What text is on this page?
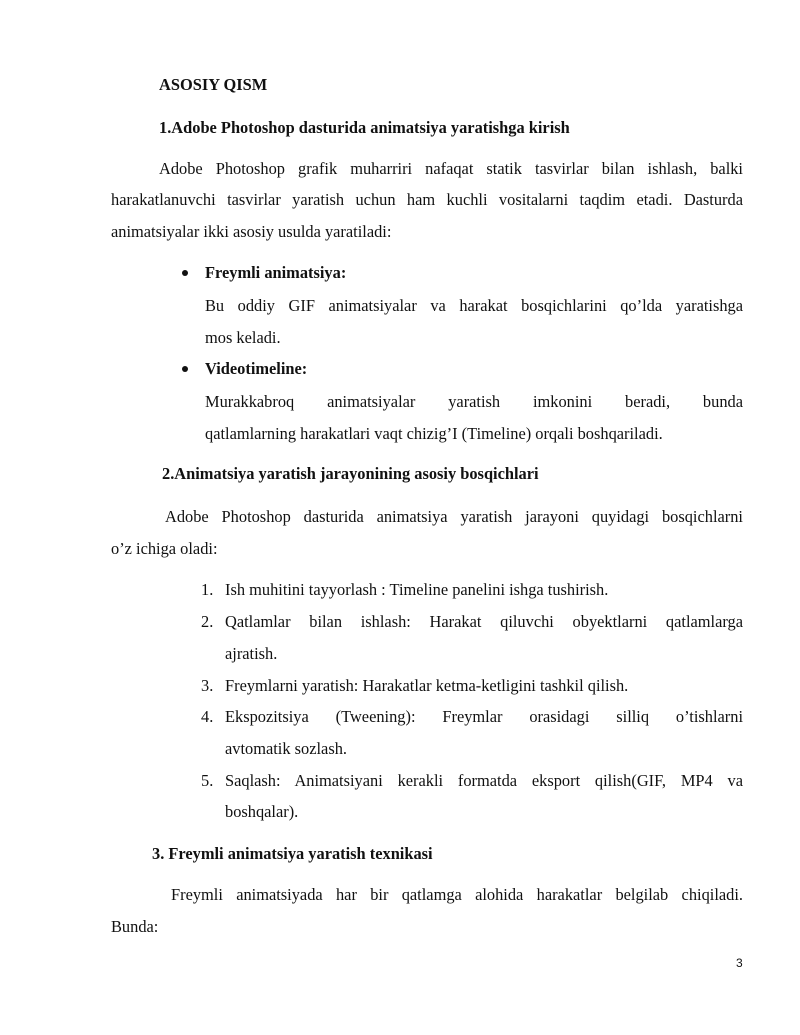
ASOSIY QISM
1.Adobe Photoshop dasturida animatsiya yaratishga kirish
Adobe Photoshop grafik muharriri nafaqat statik tasvirlar bilan ishlash, balki
harakatlanuvchi tasvirlar yaratish uchun ham kuchli vositalarni taqdim etadi. Dasturda
animatsiyalar ikki asosiy usulda yaratiladi:
Freymli animatsiya:
Bu oddiy GIF animatsiyalar va harakat bosqichlarini qo’lda yaratishga
mos keladi.
Videotimeline:
Murakkabroq animatsiyalar yaratish imkonini beradi, bunda
qatlamlarning harakatlari vaqt chizig’I (Timeline) orqali boshqariladi.
2.Animatsiya yaratish jarayonining asosiy bosqichlari
Adobe Photoshop dasturida animatsiya yaratish jarayoni quyidagi bosqichlarni
o’z ichiga oladi:
1. Ish muhitini tayyorlash : Timeline panelini ishga tushirish.
2. Qatlamlar bilan ishlash: Harakat qiluvchi obyektlarni qatlamlarga
ajratish.
3. Freymlarni yaratish: Harakatlar ketma-ketligini tashkil qilish.
4. Ekspozitsiya (Tweening): Freymlar orasidagi silliq o’tishlarni
avtomatik sozlash.
5. Saqlash: Animatsiyani kerakli formatda eksport qilish(GIF, MP4 va
boshqalar).
3. Freymli animatsiya yaratish texnikasi
Freymli animatsiyada har bir qatlamga alohida harakatlar belgilab chiqiladi.
Bunda:
3
